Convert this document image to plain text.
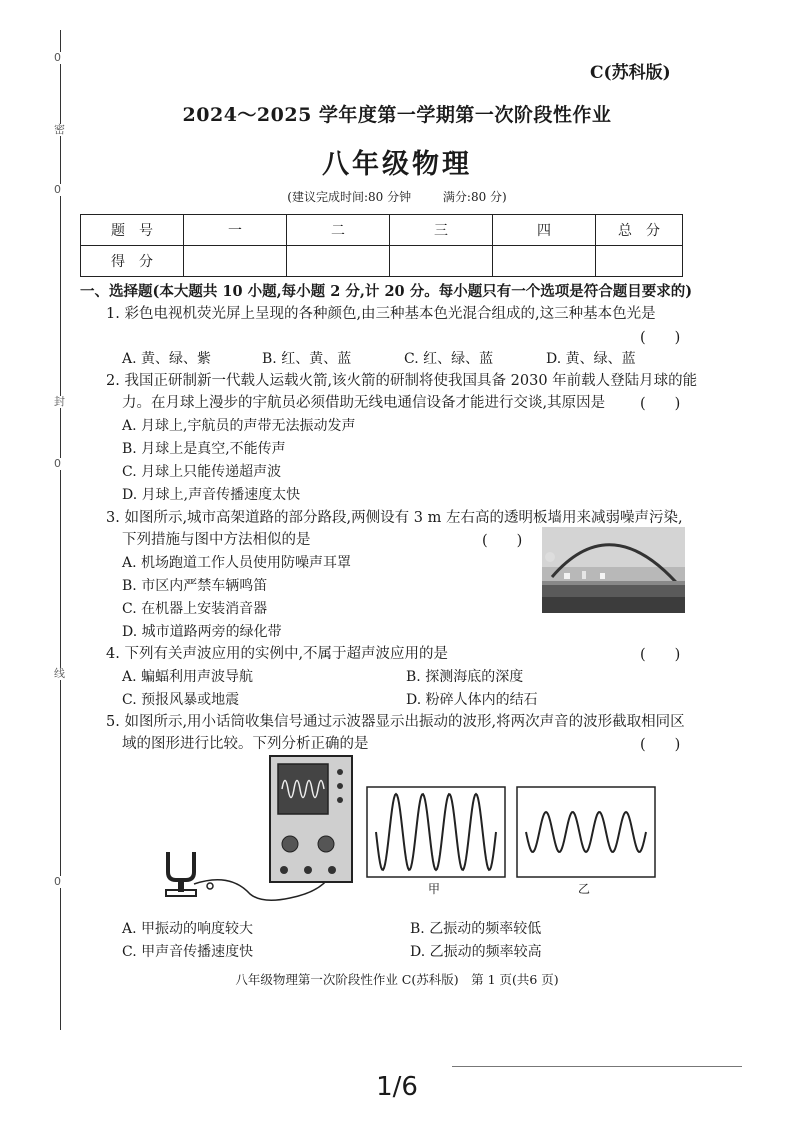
0
密
0
封
0
线
0
C(苏科版)
2024～2025 学年度第一学期第一次阶段性作业
八年级物理
(建议完成时间:80 分钟	满分:80 分)
题　号	一	二	三	四	总　分
得　分					
一、选择题(本大题共 10 小题,每小题 2 分,计 20 分。每小题只有一个选项是符合题目要求的)
1. 彩色电视机荧光屏上呈现的各种颜色,由三种基本色光混合组成的,这三种基本色光是
(　　)
A. 黄、绿、紫	B. 红、黄、蓝	C. 红、绿、蓝	D. 黄、绿、蓝
2. 我国正研制新一代载人运载火箭,该火箭的研制将使我国具备 2030 年前载人登陆月球的能
力。在月球上漫步的宇航员必须借助无线电通信设备才能进行交谈,其原因是 (　　)
A. 月球上,宇航员的声带无法振动发声
B. 月球上是真空,不能传声
C. 月球上只能传递超声波
D. 月球上,声音传播速度太快
3. 如图所示,城市高架道路的部分路段,两侧设有 3 m 左右高的透明板墙用来减弱噪声污染,
下列措施与图中方法相似的是	(　　)
A. 机场跑道工作人员使用防噪声耳罩
B. 市区内严禁车辆鸣笛
C. 在机器上安装消音器
D. 城市道路两旁的绿化带
4. 下列有关声波应用的实例中,不属于超声波应用的是	(　　)
A. 蝙蝠利用声波导航	B. 探测海底的深度
C. 预报风暴或地震	D. 粉碎人体内的结石
5. 如图所示,用小话筒收集信号通过示波器显示出振动的波形,将两次声音的波形截取相同区
域的图形进行比较。下列分析正确的是	(　　)
甲	乙
A. 甲振动的响度较大	B. 乙振动的频率较低
C. 甲声音传播速度快	D. 乙振动的频率较高
八年级物理第一次阶段性作业 C(苏科版)　第 1 页(共6 页)
1/6
